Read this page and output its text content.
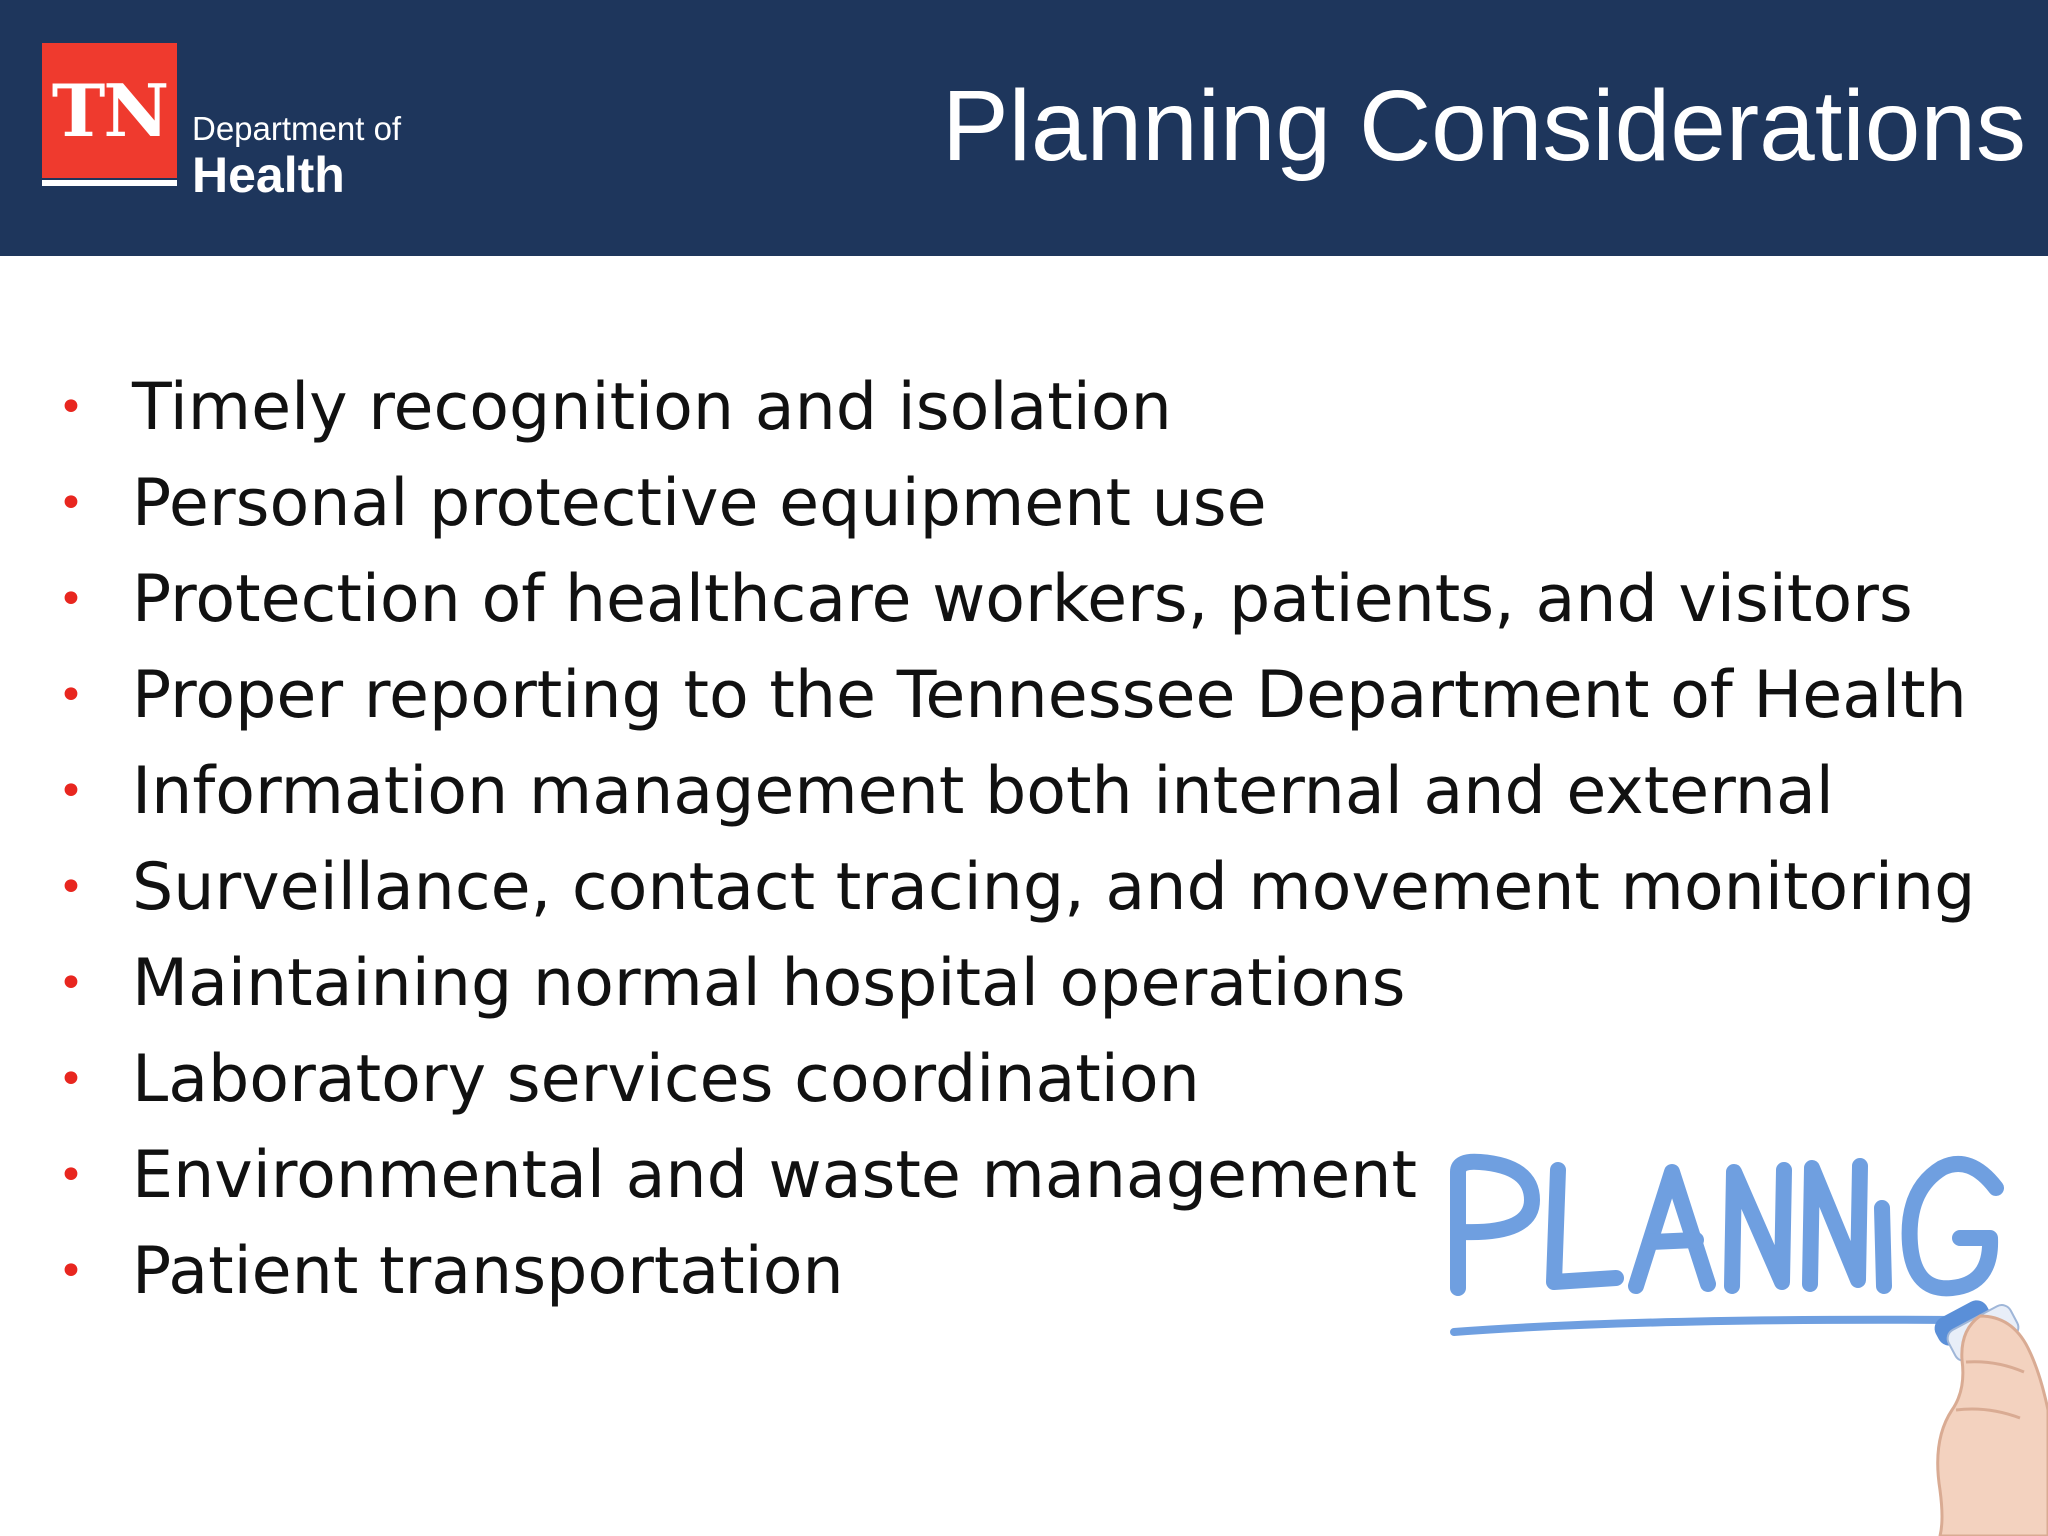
TN Department of
Health	Planning Considerations
• Timely recognition and isolation
• Personal protective equipment use
• Protection of healthcare workers, patients, and visitors
• Proper reporting to the Tennessee Department of Health
• Information management both internal and external
• Surveillance, contact tracing, and movement monitoring
• Maintaining normal hospital operations
• Laboratory services coordination
• Environmental and waste management
• Patient transportation
